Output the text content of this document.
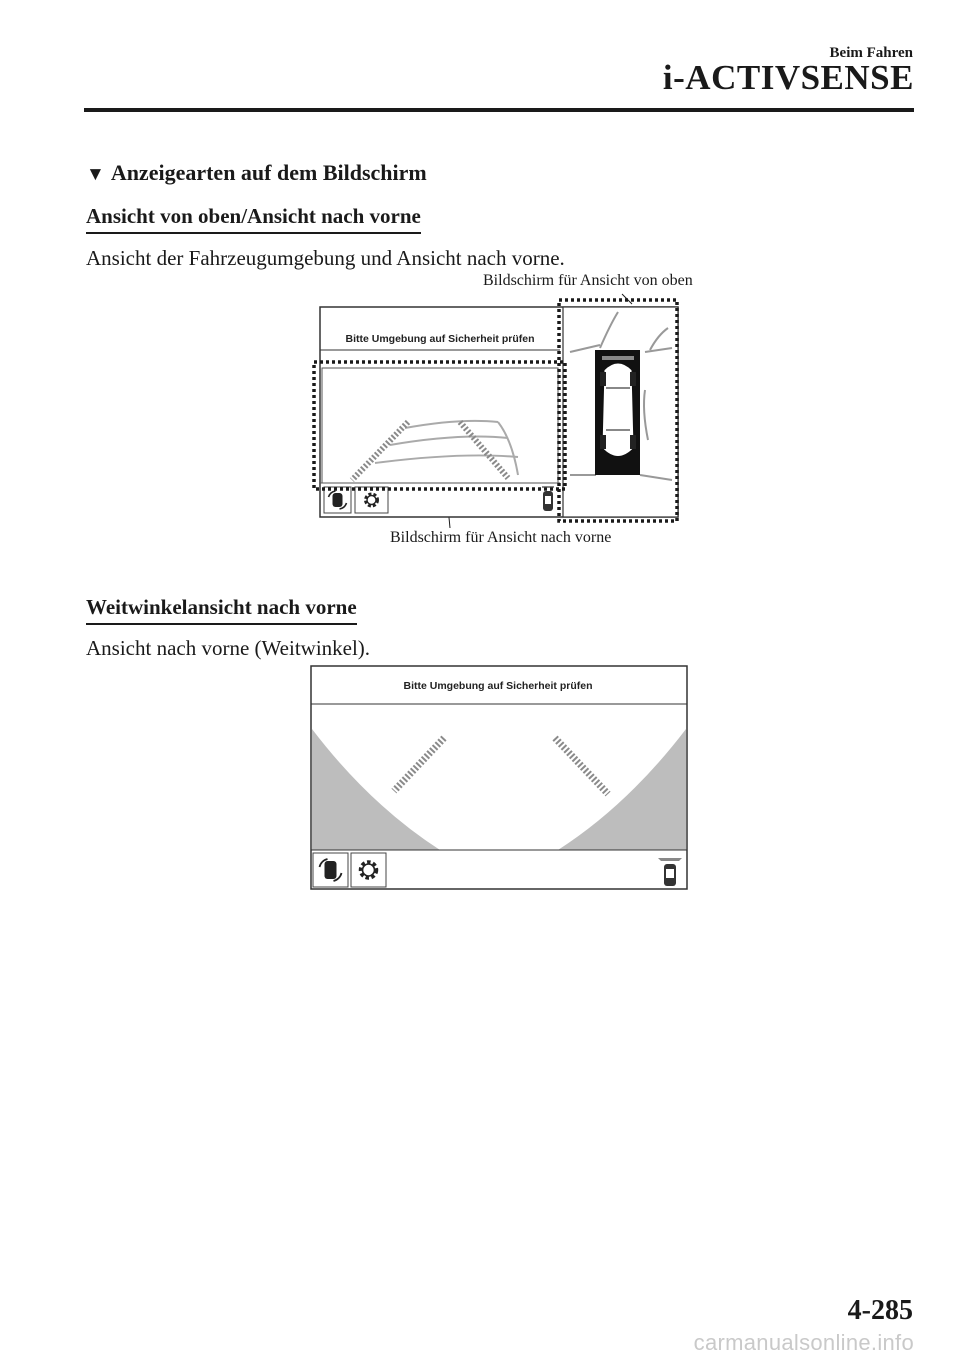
Beim Fahren
i-ACTIVSENSE
▼ Anzeigearten auf dem Bildschirm
Ansicht von oben/Ansicht nach vorne
Ansicht der Fahrzeugumgebung und Ansicht nach vorne.
Bildschirm für Ansicht von oben
Bildschirm für Ansicht nach vorne
Bitte Umgebung auf Sicherheit prüfen
Weitwinkelansicht nach vorne
Ansicht nach vorne (Weitwinkel).
Bitte Umgebung auf Sicherheit prüfen
4-285
carmanualsonline.info
